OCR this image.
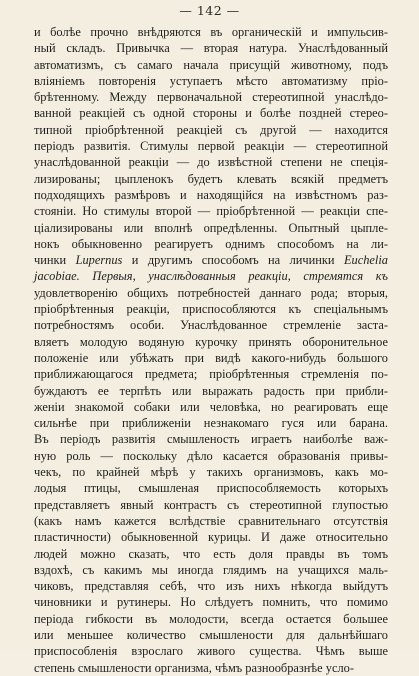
— 142 —
и болѣе прочно внѣдряются въ органическій и импульсив-
ный складъ. Привычка — вторая натура. Унаслѣдованный
автоматизмъ, съ самаго начала присущій животному, подъ
вліяніемъ повторенія уступаетъ мѣсто автоматизму пріо-
брѣтенному. Между первоначальной стереотипной унаслѣдо-
ванной реакціей съ одной стороны и болѣе поздней стерео-
типной пріобрѣтенной реакціей съ другой — находится
періодъ развитія. Стимулы первой реакціи — стереотипной
унаслѣдованной реакціи — до извѣстной степени не спеція-
лизированы; цыпленокъ будетъ клевать всякій предметъ
подходящихъ размѣровъ и находящійся на извѣстномъ раз-
стояніи. Но стимулы второй — пріобрѣтенной — реакціи спе-
ціализированы или вполнѣ опредѣленны. Опытный цыпле-
нокъ обыкновенно реагируетъ однимъ способомъ на ли-
чинки Lupernus и другимъ способомъ на личинки Euchelia
jacobiae. Первыя, унаслѣдованныя реакціи, стремятся къ
удовлетворенію общихъ потребностей даннаго рода; вторыя,
пріобрѣтенныя реакціи, приспособляются къ спеціальнымъ
потребностямъ особи. Унаслѣдованное стремленіе заста-
вляетъ молодую водяную курочку принять оборонительное
положеніе или убѣжать при видѣ какого-нибудь большого
приближающагося предмета; пріобрѣтенныя стремленія по-
буждаютъ ее терпѣть или выражать радость при прибли-
женіи знакомой собаки или человѣка, но реагировать еще
сильнѣе при приближеніи незнакомаго гуся или барана.
Въ періодъ развитія смышленость играетъ наиболѣе важ-
ную роль — поскольку дѣло касается образованія привы-
чекъ, по крайней мѣрѣ у такихъ организмовъ, какъ мо-
лодыя птицы, смышленая приспособляемость которыхъ
представляетъ явный контрастъ съ стереотипной глупостью
(какъ намъ кажется вслѣдствіе сравнительнаго отсутствія
пластичности) обыкновенной курицы. И даже относительно
людей можно сказать, что есть доля правды въ томъ
вздохѣ, съ какимъ мы иногда глядимъ на учащихся маль-
чиковъ, представляя себѣ, что изъ нихъ нѣкогда выйдутъ
чиновники и рутинеры. Но слѣдуетъ помнить, что помимо
періода гибкости въ молодости, всегда остается большее
или меньшее количество смышлености для дальнѣйшаго
приспособленія взрослаго живого существа. Чѣмъ выше
степень смышлености организма, чѣмъ разнообразнѣе усло-
